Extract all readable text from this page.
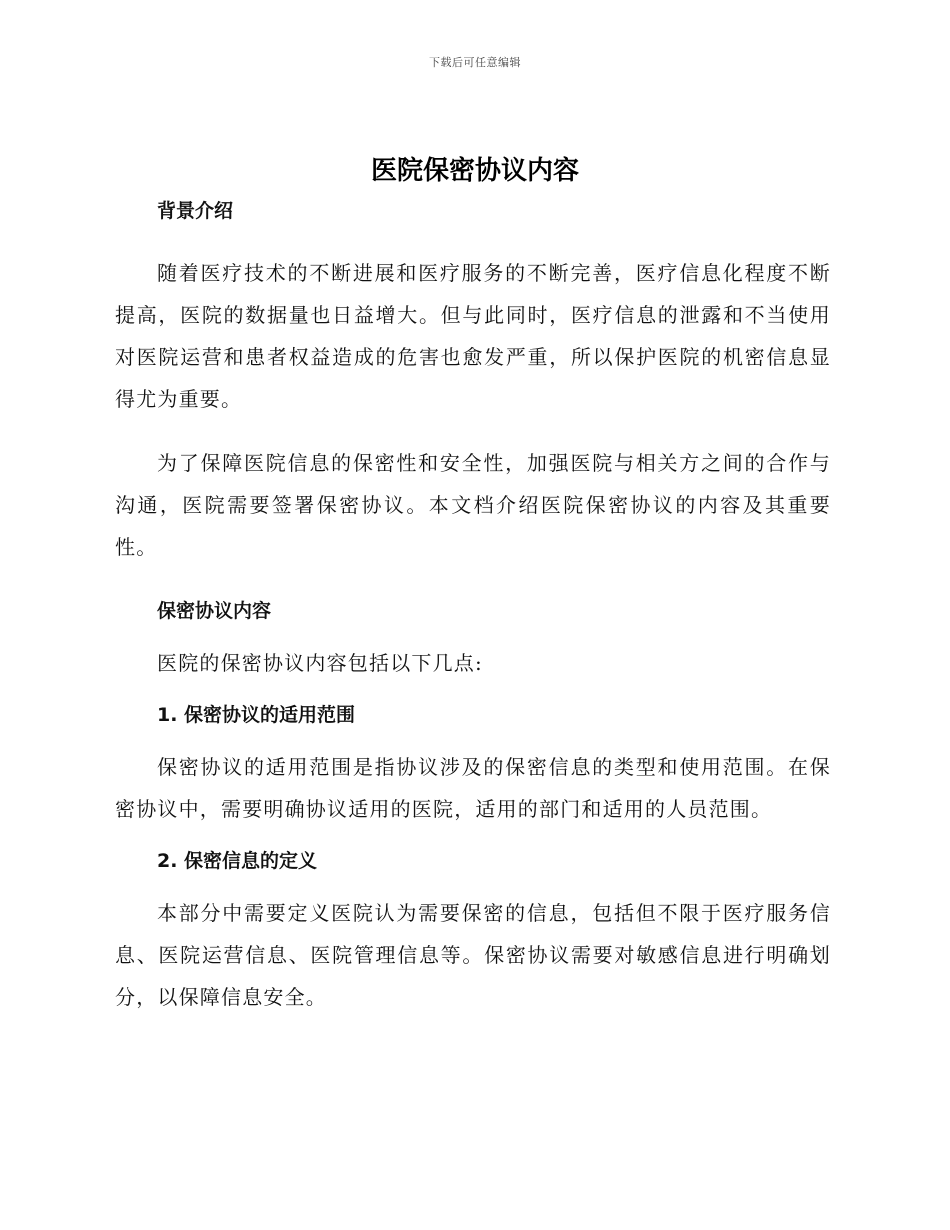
下载后可任意编辑
医院保密协议内容

背景介绍

随着医疗技术的不断进展和医疗服务的不断完善，医疗信息化程度不断提高，医院的数据量也日益增大。但与此同时，医疗信息的泄露和不当使用对医院运营和患者权益造成的危害也愈发严重，所以保护医院的机密信息显得尤为重要。

为了保障医院信息的保密性和安全性，加强医院与相关方之间的合作与沟通，医院需要签署保密协议。本文档介绍医院保密协议的内容及其重要性。

保密协议内容

医院的保密协议内容包括以下几点:

1. 保密协议的适用范围

保密协议的适用范围是指协议涉及的保密信息的类型和使用范围。在保密协议中，需要明确协议适用的医院，适用的部门和适用的人员范围。

2. 保密信息的定义

本部分中需要定义医院认为需要保密的信息，包括但不限于医疗服务信息、医院运营信息、医院管理信息等。保密协议需要对敏感信息进行明确划分，以保障信息安全。
